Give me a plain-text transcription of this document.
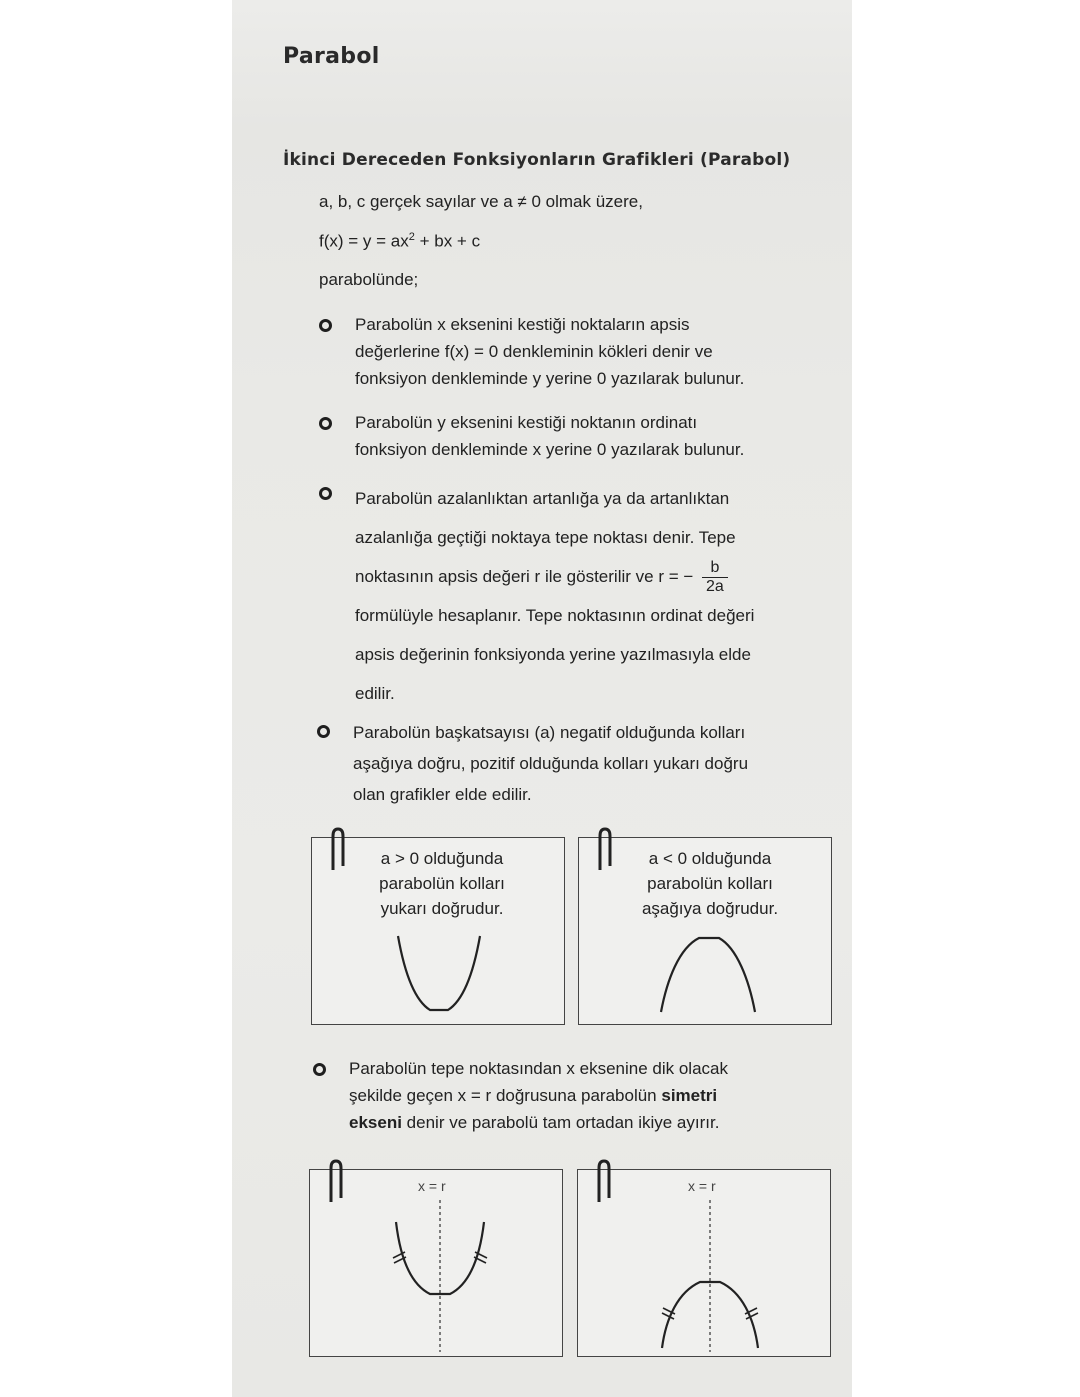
Parabol
İkinci Dereceden Fonksiyonların Grafikleri (Parabol)
a, b, c gerçek sayılar ve a ≠ 0 olmak üzere,
$f(x) = y = ax^2$ + bx + c
parabolünde;
Parabolün x eksenini kestiği noktaların apsis
değerlerine f(x) = 0 denkleminin kökleri denir ve
fonksiyon denkleminde y yerine 0 yazılarak bulunur.
Parabolün y eksenini kestiği noktanın ordinatı
fonksiyon denkleminde x yerine 0 yazılarak bulunur.
Parabolün azalanlıktan artanlığa ya da artanlıktan
azalanlığa geçtiği noktaya tepe noktası denir. Tepe
noktasının apsis değeri r ile gösterilir ve r = − $\frac{b}{2a}$
formülüyle hesaplanır. Tepe noktasının ordinat değeri
apsis değerinin fonksiyonda yerine yazılmasıyla elde
edilir.
Parabolün başkatsayısı (a) negatif olduğunda kolları
aşağıya doğru, pozitif olduğunda kolları yukarı doğru
olan grafikler elde edilir.
a > 0 olduğunda
parabolün kolları
yukarı doğrudur.
a < 0 olduğunda
parabolün kolları
aşağıya doğrudur.
Parabolün tepe noktasından x eksenine dik olacak
şekilde geçen x = r doğrusuna parabolün simetri
ekseni denir ve parabolü tam ortadan ikiye ayırır.
x = r	x = r
